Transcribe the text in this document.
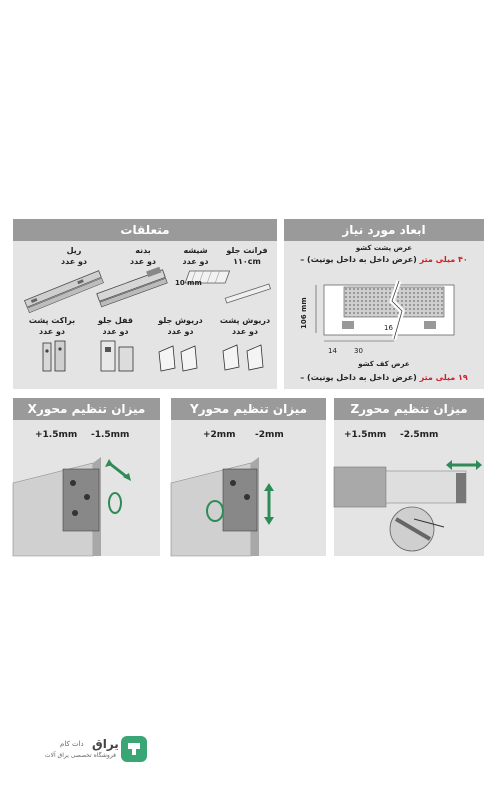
متعلقات
ریل
دو عدد
بدنه
دو عدد
شیشه
دو عدد
10 mm
فرانت جلو
۱۱۰cm
براکت پشت
دو عدد
قفل جلو
دو عدد
دریوش جلو
دو عدد
دریوش پشت
دو عدد
ابعاد مورد نیاز
عرض پشت کشو
۴۰ میلی متر (عرض داخل به داخل یونیت) –
106 mm	16
14 30
عرض کف کشو
۱۹ میلی متر (عرض داخل به داخل یونیت) –
میزان تنظیم محورX
+1.5mm -1.5mm
میزان تنظیم محورY
+2mm -2mm
میزان تنظیم محورZ
+1.5mm -2.5mm
یراق
دات کام
فروشگاه تخصصی یراق آلات
